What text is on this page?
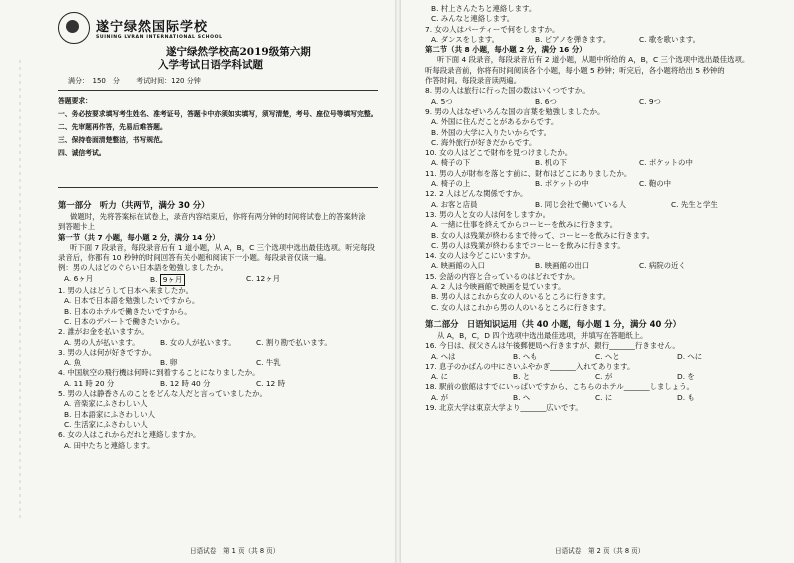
遂宁绿然国际学校
SUINING LVRAN INTERNATIONAL SCHOOL
遂宁绿然学校高2019级第六期
入学考试日语学科试题
满分：　150　分 考试时间：120 分钟
答题要求：
一、务必按要求填写考生姓名、准考证号，答题卡中亦须如实填写，须写清楚，考号、座位号等填写完整。
二、先审题再作答，先易后难答题。
三、保持卷面清楚整洁，书写规范。
四、诚信考试。
第一部分　听力（共两节，满分 30 分）
做题时，先将答案标在试卷上，录音内容结束后，你将有两分钟的时间将试卷上的答案转涂
到答题卡上
第一节（共 7 小题，每小题 2 分，满分 14 分）
听下面 7 段录音，每段录音后有 1 道小题，从 A，B，C 三个选项中选出最佳选项。听完每段
录音后，你都有 10 秒钟的时间回答有关小题和阅读下一小题。每段录音仅读一遍。
例：男の人はどのぐらい日本語を勉強しましたか。
A. 6ヶ月	B. 9ヶ月	C. 12ヶ月
1. 男の人はどうして日本へ来ましたか。
A. 日本で日本語を勉強したいですから。
B. 日本のホテルで働きたいですから。
C. 日本のデパートで働きたいから。
2. 誰がお金を払いますか。
A. 男の人が払います。	B. 女の人が払います。	C. 割り勘で払います。
3. 男の人は何が好きですか。
A. 魚	B. 卵	C. 牛乳
4. 中国航空の飛行機は何時に到着することになりましたか。
A. 11 時 20 分	B. 12 時 40 分	C. 12 時
5. 男の人は静香さんのことをどんな人だと言っていましたか。
A. 音楽家にふさわしい人
B. 日本語家にふさわしい人
C. 生活家にふさわしい人
6. 女の人はこれからだれと連絡しますか。
A. 田中たちと連絡します。
日语试卷　第 1 页（共 8 页）
B. 村上さんたちと連絡します。
C. みんなと連絡します。
7. 女の人はパーティーで何をしますか。
A. ダンスをします。	B. ピアノを弾きます。	C. 歌を歌います。
第二节（共 8 小题，每小题 2 分，满分 16 分）
听下面 4 段录音，每段录音后有 2 道小题，从题中所给的 A，B，C 三个选项中选出最佳选项。
听每段录音前，你将有时间阅读各个小题，每小题 5 秒钟；听完后，各小题将给出 5 秒钟的
作答时间。每段录音读两遍。
8. 男の人は旅行に行った国の数はいくつですか。
A. 5つ	B. 6つ	C. 9つ
9. 男の人はなぜいろんな国の言葉を勉強しましたか。
A. 外国に住んだことがあるからです。
B. 外国の大学に入りたいからです。
C. 海外旅行が好きだからです。
10. 女の人はどこで財布を見つけましたか。
A. 椅子の下	B. 机の下	C. ポケットの中
11. 男の人が財布を落とす前に、財布はどこにありましたか。
A. 椅子の上	B. ポケットの中	C. 鞄の中
12. 2 人はどんな関係ですか。
A. お客と店員	B. 同じ会社で働いている人	C. 先生と学生
13. 男の人と女の人は何をしますか。
A. 一緒に仕事を終えてからコーヒーを飲みに行きます。
B. 女の人は残業が終わるまで待って、コーヒーを飲みに行きます。
C. 男の人は残業が終わるまでコーヒーを飲みに行きます。
14. 女の人は今どこにいますか。
A. 映画館の入口	B. 映画館の出口	C. 病院の近く
15. 会話の内容と合っているのはどれですか。
A. 2 人は今映画館で映画を見ています。
B. 男の人はこれから女の人のいるところに行きます。
C. 女の人はこれから男の人のいるところに行きます。
第二部分　日语知识运用（共 40 小题，每小题 1 分，满分 40 分）
从 A，B，C，D 四个选项中选出最佳选项，并填写在答题纸上。
16. 今日は、叔父さんは午後郵便局へ行きますが、銀行_______行きません。
A. へは	B. へも	C. へと	D. へに
17. 息子のかばんの中にさいふやかぎ_______入れてあります。
A. に	B. と	C. が	D. を
18. 駅前の旅館はすでにいっぱいですから、こちらのホテル_______しましょう。
A. が	B. へ	C. に	D. も
19. 北京大学は東京大学より_______広いです。
日语试卷　第 2 页（共 8 页）
